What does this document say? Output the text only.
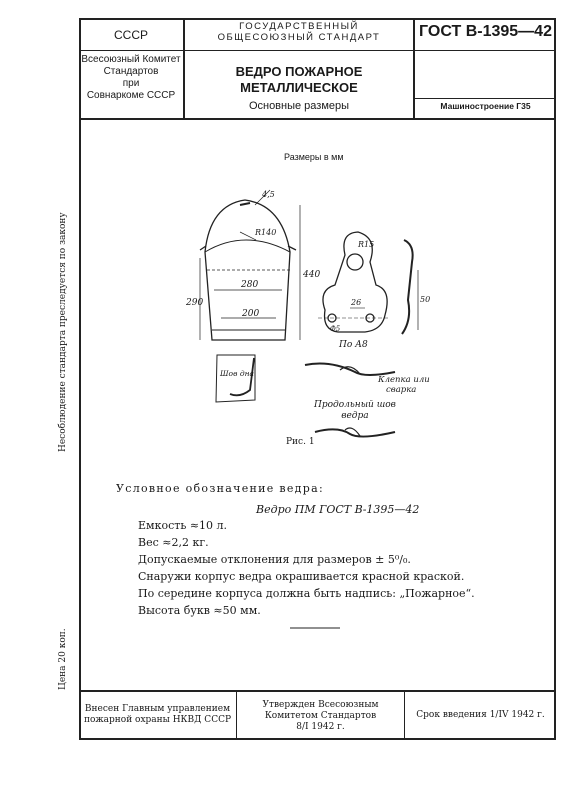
Несоблюдение стандарта преследуется по закону
Цена 20 коп.
СССР
Всесоюзный Комитет
Стандартов
при
Совнаркоме СССР
ГОСУДАРСТВЕННЫЙ
ОБЩЕСОЮЗНЫЙ СТАНДАРТ
ВЕДРО ПОЖАРНОЕ
МЕТАЛЛИЧЕСКОЕ
Основные размеры
ГОСТ В-1395—42
Машиностроение Г35
Размеры в мм
4,5
R140
440
290
280
200
R15
26	50
Ф5
По А8
Шов дна
Клепка или
сварка
Продольный шов
ведра
Рис. 1
Условное обозначение ведра:
Ведро ПМ ГОСТ В-1395—42
Емкость ≈10 л.
Вес ≈2,2 кг.
Допускаемые отклонения для размеров ± 5⁰/₀.
Снаружи корпус ведра окрашивается красной краской.
По середине корпуса должна быть надпись: „Пожарное“.
Высота букв ≈50 мм.
Внесен Главным управлением
пожарной охраны НКВД СССР
Утвержден Всесоюзным
Комитетом Стандартов
8/I 1942 г.
Срок введения 1/IV 1942 г.
